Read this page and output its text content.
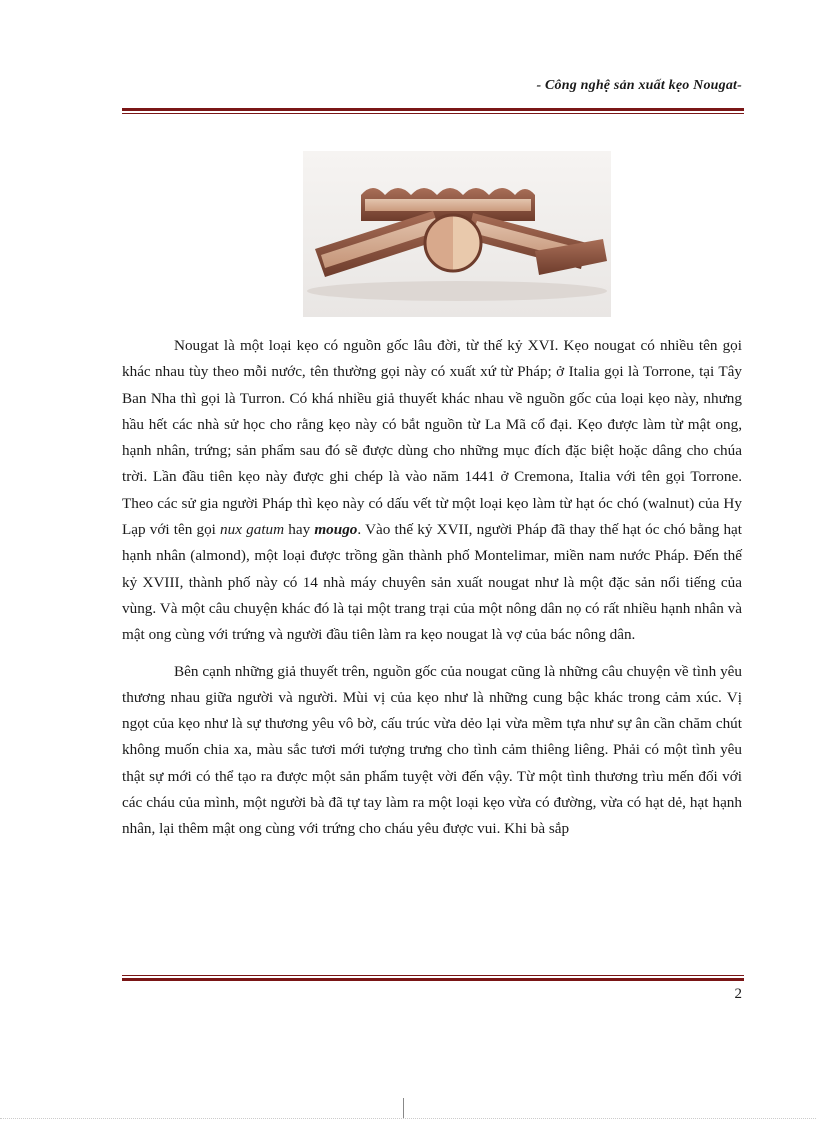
- Công nghệ sản xuất kẹo Nougat-

Nougat là một loại kẹo có nguồn gốc lâu đời, từ thế kỷ XVI. Kẹo nougat có nhiều tên gọi khác nhau tùy theo mỗi nước, tên thường gọi này có xuất xứ từ Pháp; ở Italia gọi là Torrone, tại Tây Ban Nha thì gọi là Turron. Có khá nhiều giả thuyết khác nhau về nguồn gốc của loại kẹo này, nhưng hầu hết các nhà sử học cho rằng kẹo này có bắt nguồn từ La Mã cổ đại. Kẹo được làm từ mật ong, hạnh nhân, trứng; sản phẩm sau đó sẽ được dùng cho những mục đích đặc biệt hoặc dâng cho chúa trời. Lần đầu tiên kẹo này được ghi chép là vào năm 1441 ở Cremona, Italia với tên gọi Torrone. Theo các sử gia người Pháp thì kẹo này có dấu vết từ một loại kẹo làm từ hạt óc chó (walnut) của Hy Lạp với tên gọi nux gatum hay mougo. Vào thế kỷ XVII, người Pháp đã thay thế hạt óc chó bằng hạt hạnh nhân (almond), một loại được trồng gần thành phố Montelimar, miền nam nước Pháp. Đến thế kỷ XVIII, thành phố này có 14 nhà máy chuyên sản xuất nougat như là một đặc sản nổi tiếng của vùng. Và một câu chuyện khác đó là tại một trang trại của một nông dân nọ có rất nhiều hạnh nhân và mật ong cùng với trứng và người đầu tiên làm ra kẹo nougat là vợ của bác nông dân.

Bên cạnh những giả thuyết trên, nguồn gốc của nougat cũng là những câu chuyện về tình yêu thương nhau giữa người và người. Mùi vị của kẹo như là những cung bậc khác trong cảm xúc. Vị ngọt của kẹo như là sự thương yêu vô bờ, cấu trúc vừa dẻo lại vừa mềm tựa như sự ân cần chăm chút không muốn chia xa, màu sắc tươi mới tượng trưng cho tình cảm thiêng liêng. Phải có một tình yêu thật sự mới có thể tạo ra được một sản phẩm tuyệt vời đến vậy. Từ một tình thương trìu mến đối với các cháu của mình, một người bà đã tự tay làm ra một loại kẹo vừa có đường, vừa có hạt dẻ, hạt hạnh nhân, lại thêm mật ong cùng với trứng cho cháu yêu được vui. Khi bà sắp

2
